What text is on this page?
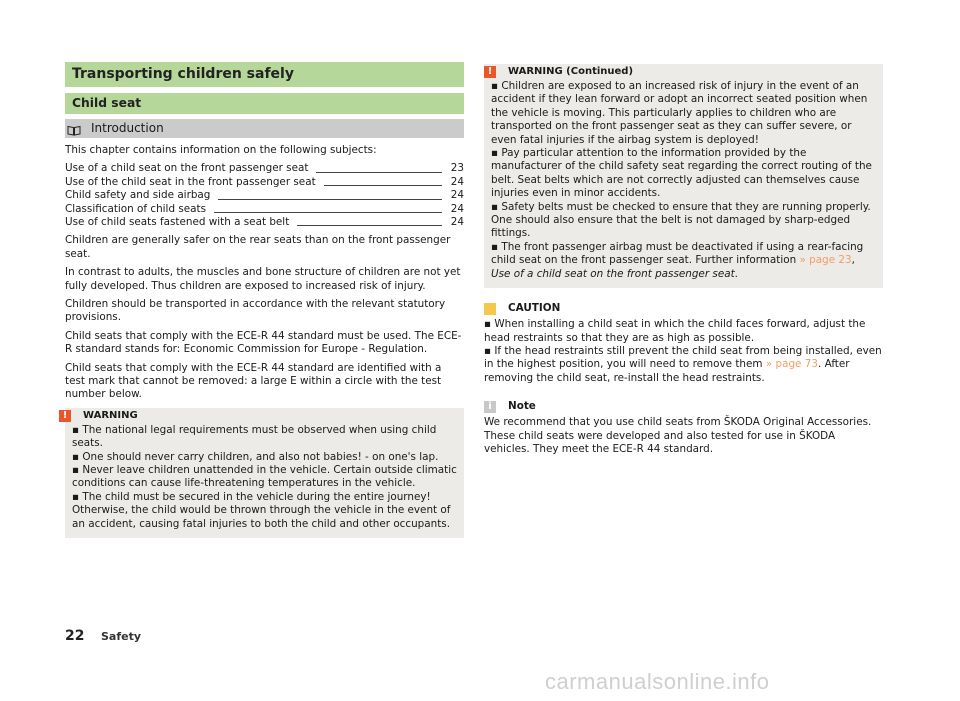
Transporting children safely
Child seat
Introduction

This chapter contains information on the following subjects:

Use of a child seat on the front passenger seat	23
Use of the child seat in the front passenger seat	24
Child safety and side airbag	24
Classification of child seats	24
Use of child seats fastened with a seat belt	24

Children are generally safer on the rear seats than on the front passenger seat.

In contrast to adults, the muscles and bone structure of children are not yet fully developed. Thus children are exposed to increased risk of injury.

Children should be transported in accordance with the relevant statutory provisions.

Child seats that comply with the ECE-R 44 standard must be used. The ECE-R standard stands for: Economic Commission for Europe - Regulation.

Child seats that comply with the ECE-R 44 standard are identified with a test mark that cannot be removed: a large E within a circle with the test number below.

!	WARNING
▪ The national legal requirements must be observed when using child seats.
▪ One should never carry children, and also not babies! - on one's lap.
▪ Never leave children unattended in the vehicle. Certain outside climatic conditions can cause life-threatening temperatures in the vehicle.
▪ The child must be secured in the vehicle during the entire journey! Otherwise, the child would be thrown through the vehicle in the event of an accident, causing fatal injuries to both the child and other occupants.
!	WARNING (Continued)
▪ Children are exposed to an increased risk of injury in the event of an accident if they lean forward or adopt an incorrect seated position when the vehicle is moving. This particularly applies to children who are transported on the front passenger seat as they can suffer severe, or even fatal injuries if the airbag system is deployed!
▪ Pay particular attention to the information provided by the manufacturer of the child safety seat regarding the correct routing of the belt. Seat belts which are not correctly adjusted can themselves cause injuries even in minor accidents.
▪ Safety belts must be checked to ensure that they are running properly. One should also ensure that the belt is not damaged by sharp-edged fittings.
▪ The front passenger airbag must be deactivated if using a rear-facing child seat on the front passenger seat. Further information » page 23, Use of a child seat on the front passenger seat.
CAUTION
▪ When installing a child seat in which the child faces forward, adjust the head restraints so that they are as high as possible.
▪ If the head restraints still prevent the child seat from being installed, even in the highest position, you will need to remove them » page 73. After removing the child seat, re-install the head restraints.
i	Note
We recommend that you use child seats from ŠKODA Original Accessories. These child seats were developed and also tested for use in ŠKODA vehicles. They meet the ECE-R 44 standard.
22	Safety
carmanualsonline.info
